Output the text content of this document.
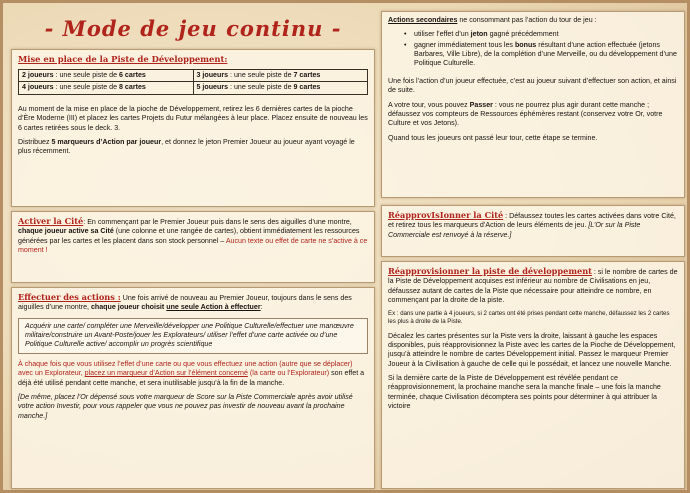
- Mode de jeu continu -
Mise en place de la Piste de Développement:
2 joueurs : une seule piste de 6 cartes	3 joueurs : une seule piste de 7 cartes
4 joueurs : une seule piste de 8 cartes	5 joueurs : une seule piste de 9 cartes

Au moment de la mise en place de la pioche de Développement, retirez les 6 dernières cartes de la pioche d’Ère Moderne (III) et placez les cartes Projets du Futur mélangées à leur place. Placez ensuite de nouveau les 6 cartes retirées sous le deck. 3.

Distribuez 5 marqueurs d’Action par joueur, et donnez le jeton Premier Joueur au joueur ayant voyagé le plus récemment.

Activer la Cité: En commençant par le Premier Joueur puis dans le sens des aiguilles d’une montre, chaque joueur active sa Cité (une colonne et une rangée de cartes), obtient immédiatement les ressources générées par les cartes et les placent dans son stock personnel – Aucun texte ou effet de carte ne s’active à ce moment !

Effectuer des actions : Une fois arrivé de nouveau au Premier Joueur, toujours dans le sens des aiguilles d’une montre, chaque joueur choisit une seule Action à effectuer:

Acquérir une carte/ compléter une Merveille/développer une Politique Culturelle/effectuer une manœuvre militaire/construire un Avant-Poste/jouer les Explorateurs/ utiliser l’effet d’une carte activée ou d’une Politique Culturelle active/ accomplir un progrès scientifique

À chaque fois que vous utilisez l’effet d’une carte ou que vous effectuez une action (autre que se déplacer) avec un Explorateur, placez un marqueur d’Action sur l’élément concerné (la carte ou l’Explorateur) son effet a déjà été utilisé pendant cette manche, et sera inutilisable jusqu’à la fin de la manche.

[De même, placez l’Or dépensé sous votre marqueur de Score sur la Piste Commerciale après avoir utilisé votre action Investir, pour vous rappeler que vous ne pouvez pas investir de nouveau avant la prochaine manche.]

Actions secondaires ne consommant pas l’action du tour de jeu :

• utiliser l’effet d’un jeton gagné précédemment
• gagner immédiatement tous les bonus résultant d’une action effectuée (jetons Barbares, Ville Libre), de la complétion d’une Merveille, ou du développement d’une Politique Culturelle.

Une fois l’action d’un joueur effectuée, c’est au joueur suivant d’effectuer son action, et ainsi de suite.

A votre tour, vous pouvez Passer : vous ne pourrez plus agir durant cette manche ; défaussez vos compteurs de Ressources éphémères restant (conservez votre Or, votre Culture et vos Jetons).

Quand tous les joueurs ont passé leur tour, cette étape se termine.

RéapprovIsIonner la Cité : Défaussez toutes les cartes activées dans votre Cité, et retirez tous les marqueurs d’Action de leurs éléments de jeu. [L’Or sur la Piste Commerciale est renvoyé à la réserve.]

Réapprovisionner la piste de développement : si le nombre de cartes de la Piste de Développement acquises est inférieur au nombre de Civilisations en jeu, défaussez autant de cartes de la Piste que nécessaire pour atteindre ce nombre, en commençant par la droite de la piste.

Ex : dans une partie à 4 joueurs, si 2 cartes ont été prises pendant cette manche, défaussez les 2 cartes les plus à droite de la Piste.

Décalez les cartes présentes sur la Piste vers la droite, laissant à gauche les espaces disponibles, puis réapprovisionnez la Piste avec les cartes de la Pioche de Développement, jusqu’à atteindre le nombre de cartes Développement initial. Passez le marqueur Premier Joueur à la Civilisation à gauche de celle qui le possédait, et lancez une nouvelle Manche.

Si la dernière carte de la Piste de Développement est révélée pendant ce réapprovisionnement, la prochaine manche sera la manche finale – une fois la manche terminée, chaque Civilisation décomptera ses points pour déterminer à qui attribuer la victoire
